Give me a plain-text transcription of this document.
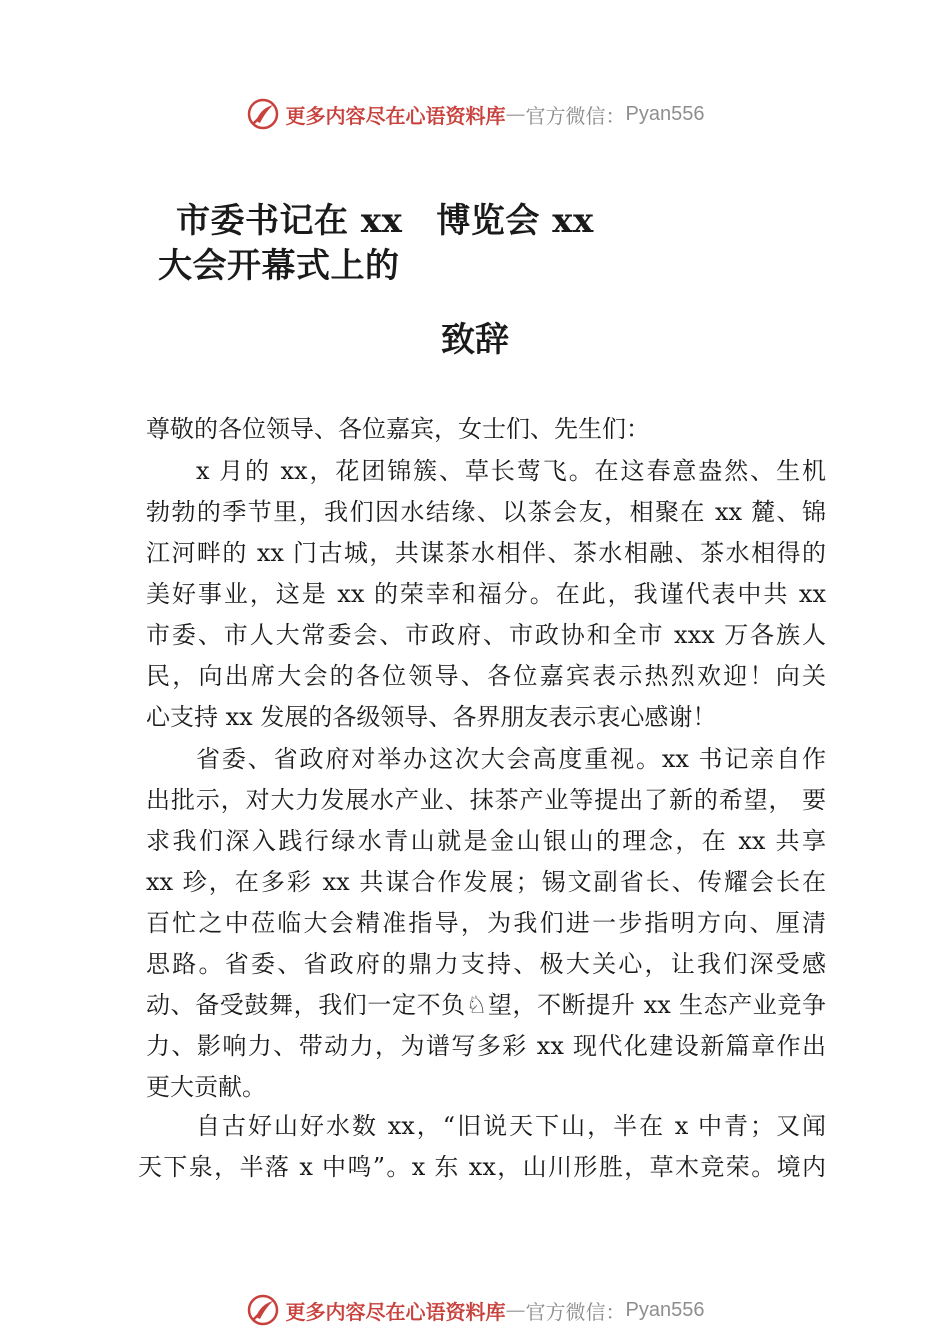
更多内容尽在心语资料库 — 官方微信： Pyan556
市委书记在 xx 博览会 xx
大会开幕式上的
致辞
尊敬的各位领导、各位嘉宾，女士们、先生们：
x 月的 xx，花团锦簇、草长莺飞。在这春意盎然、生机
勃勃的季节里，我们因水结缘、以茶会友，相聚在 xx 麓、锦
江河畔的 xx 门古城，共谋茶水相伴、茶水相融、茶水相得的
美好事业，这是 xx 的荣幸和福分。在此，我谨代表中共 xx
市委、市人大常委会、市政府、市政协和全市 xxx 万各族人
民，向出席大会的各位领导、各位嘉宾表示热烈欢迎！向关
心支持 xx 发展的各级领导、各界朋友表示衷心感谢！
省委、省政府对举办这次大会高度重视。xx 书记亲自作
出批示，对大力发展水产业、抹茶产业等提出了新的希望， 要
求我们深入践行绿水青山就是金山银山的理念，在 xx 共享
xx 珍，在多彩 xx 共谋合作发展；锡文副省长、传耀会长在
百忙之中莅临大会精准指导，为我们进一步指明方向、厘清
思路。省委、省政府的鼎力支持、极大关心，让我们深受感
动、备受鼓舞，我们一定不负♘望，不断提升 xx 生态产业竞争
力、影响力、带动力，为谱写多彩 xx 现代化建设新篇章作出
更大贡献。
自古好山好水数 xx，“旧说天下山，半在 x 中青；又闻
天下泉，半落 x 中鸣”。x 东 xx，山川形胜，草木竞荣。境内
更多内容尽在心语资料库 — 官方微信： Pyan556
